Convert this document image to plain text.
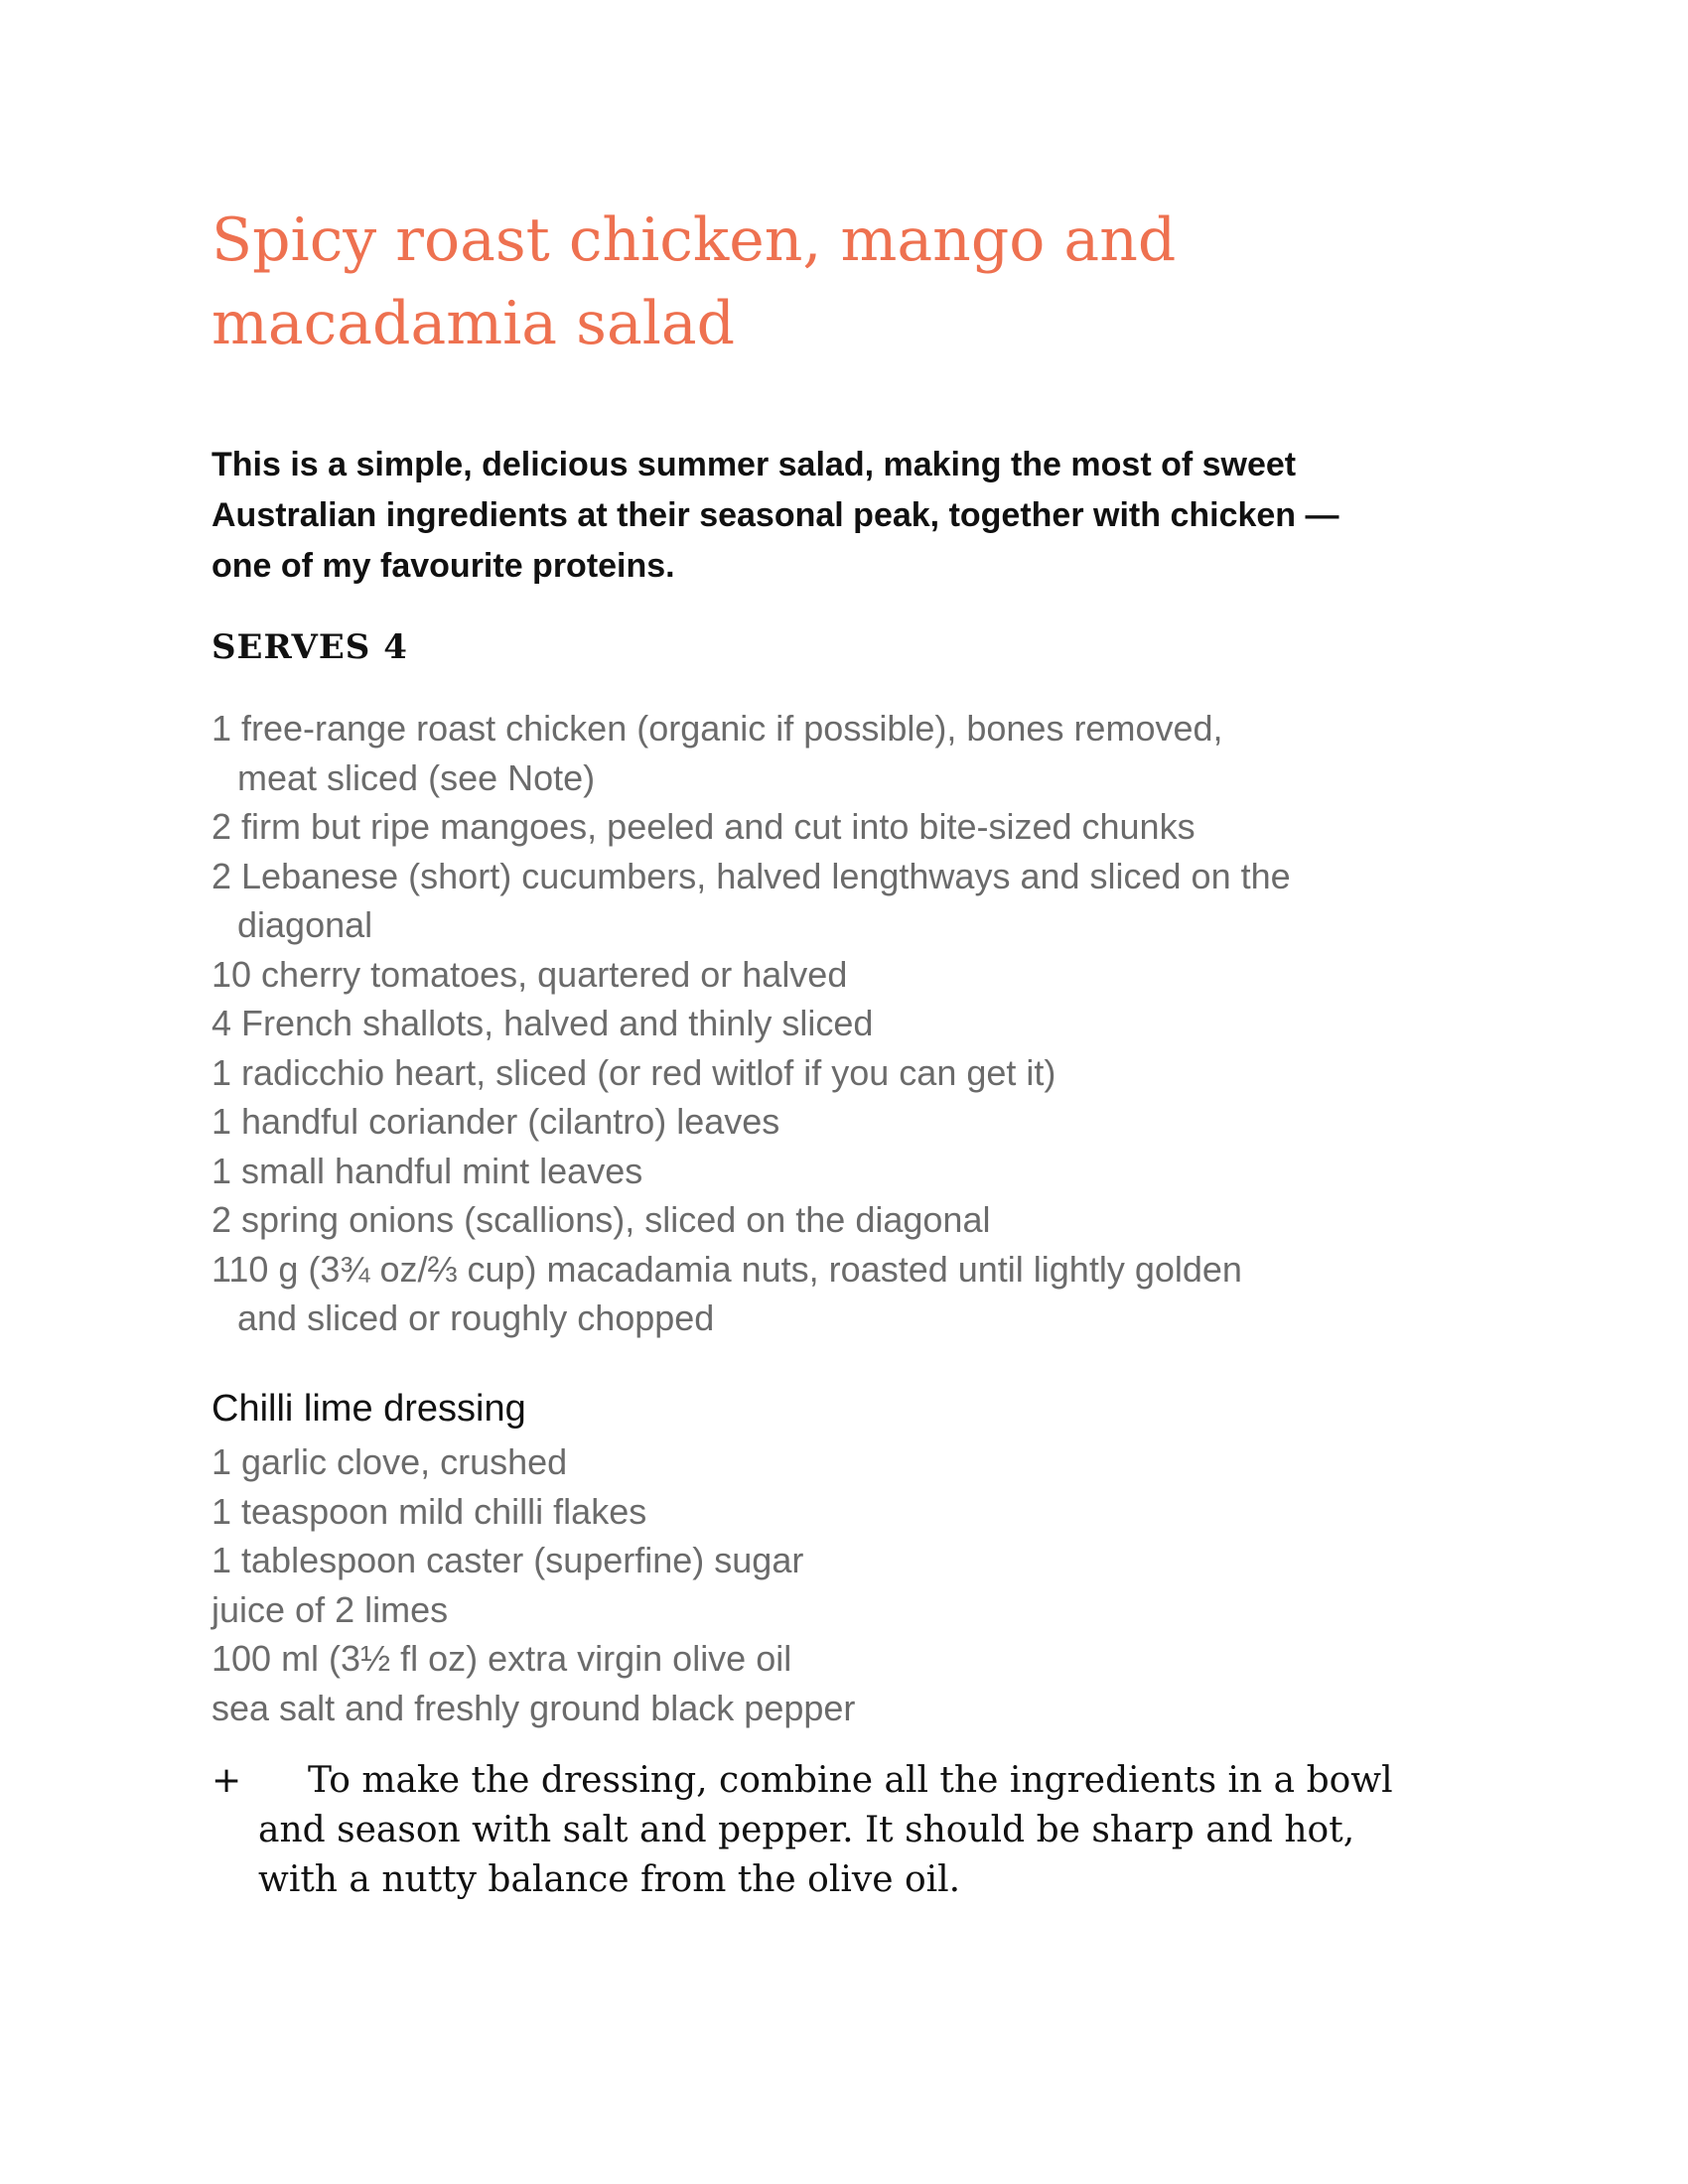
Spicy roast chicken, mango and
macadamia salad
This is a simple, delicious summer salad, making the most of sweet
Australian ingredients at their seasonal peak, together with chicken —
one of my favourite proteins.
SERVES 4
1 free-range roast chicken (organic if possible), bones removed,
meat sliced (see Note)
2 firm but ripe mangoes, peeled and cut into bite-sized chunks
2 Lebanese (short) cucumbers, halved lengthways and sliced on the
diagonal
10 cherry tomatoes, quartered or halved
4 French shallots, halved and thinly sliced
1 radicchio heart, sliced (or red witlof if you can get it)
1 handful coriander (cilantro) leaves
1 small handful mint leaves
2 spring onions (scallions), sliced on the diagonal
110 g (3¾ oz/⅔ cup) macadamia nuts, roasted until lightly golden
and sliced or roughly chopped
Chilli lime dressing
1 garlic clove, crushed
1 teaspoon mild chilli flakes
1 tablespoon caster (superfine) sugar
juice of 2 limes
100 ml (3½ fl oz) extra virgin olive oil
sea salt and freshly ground black pepper
+	To make the dressing, combine all the ingredients in a bowl
and season with salt and pepper. It should be sharp and hot,
with a nutty balance from the olive oil.
